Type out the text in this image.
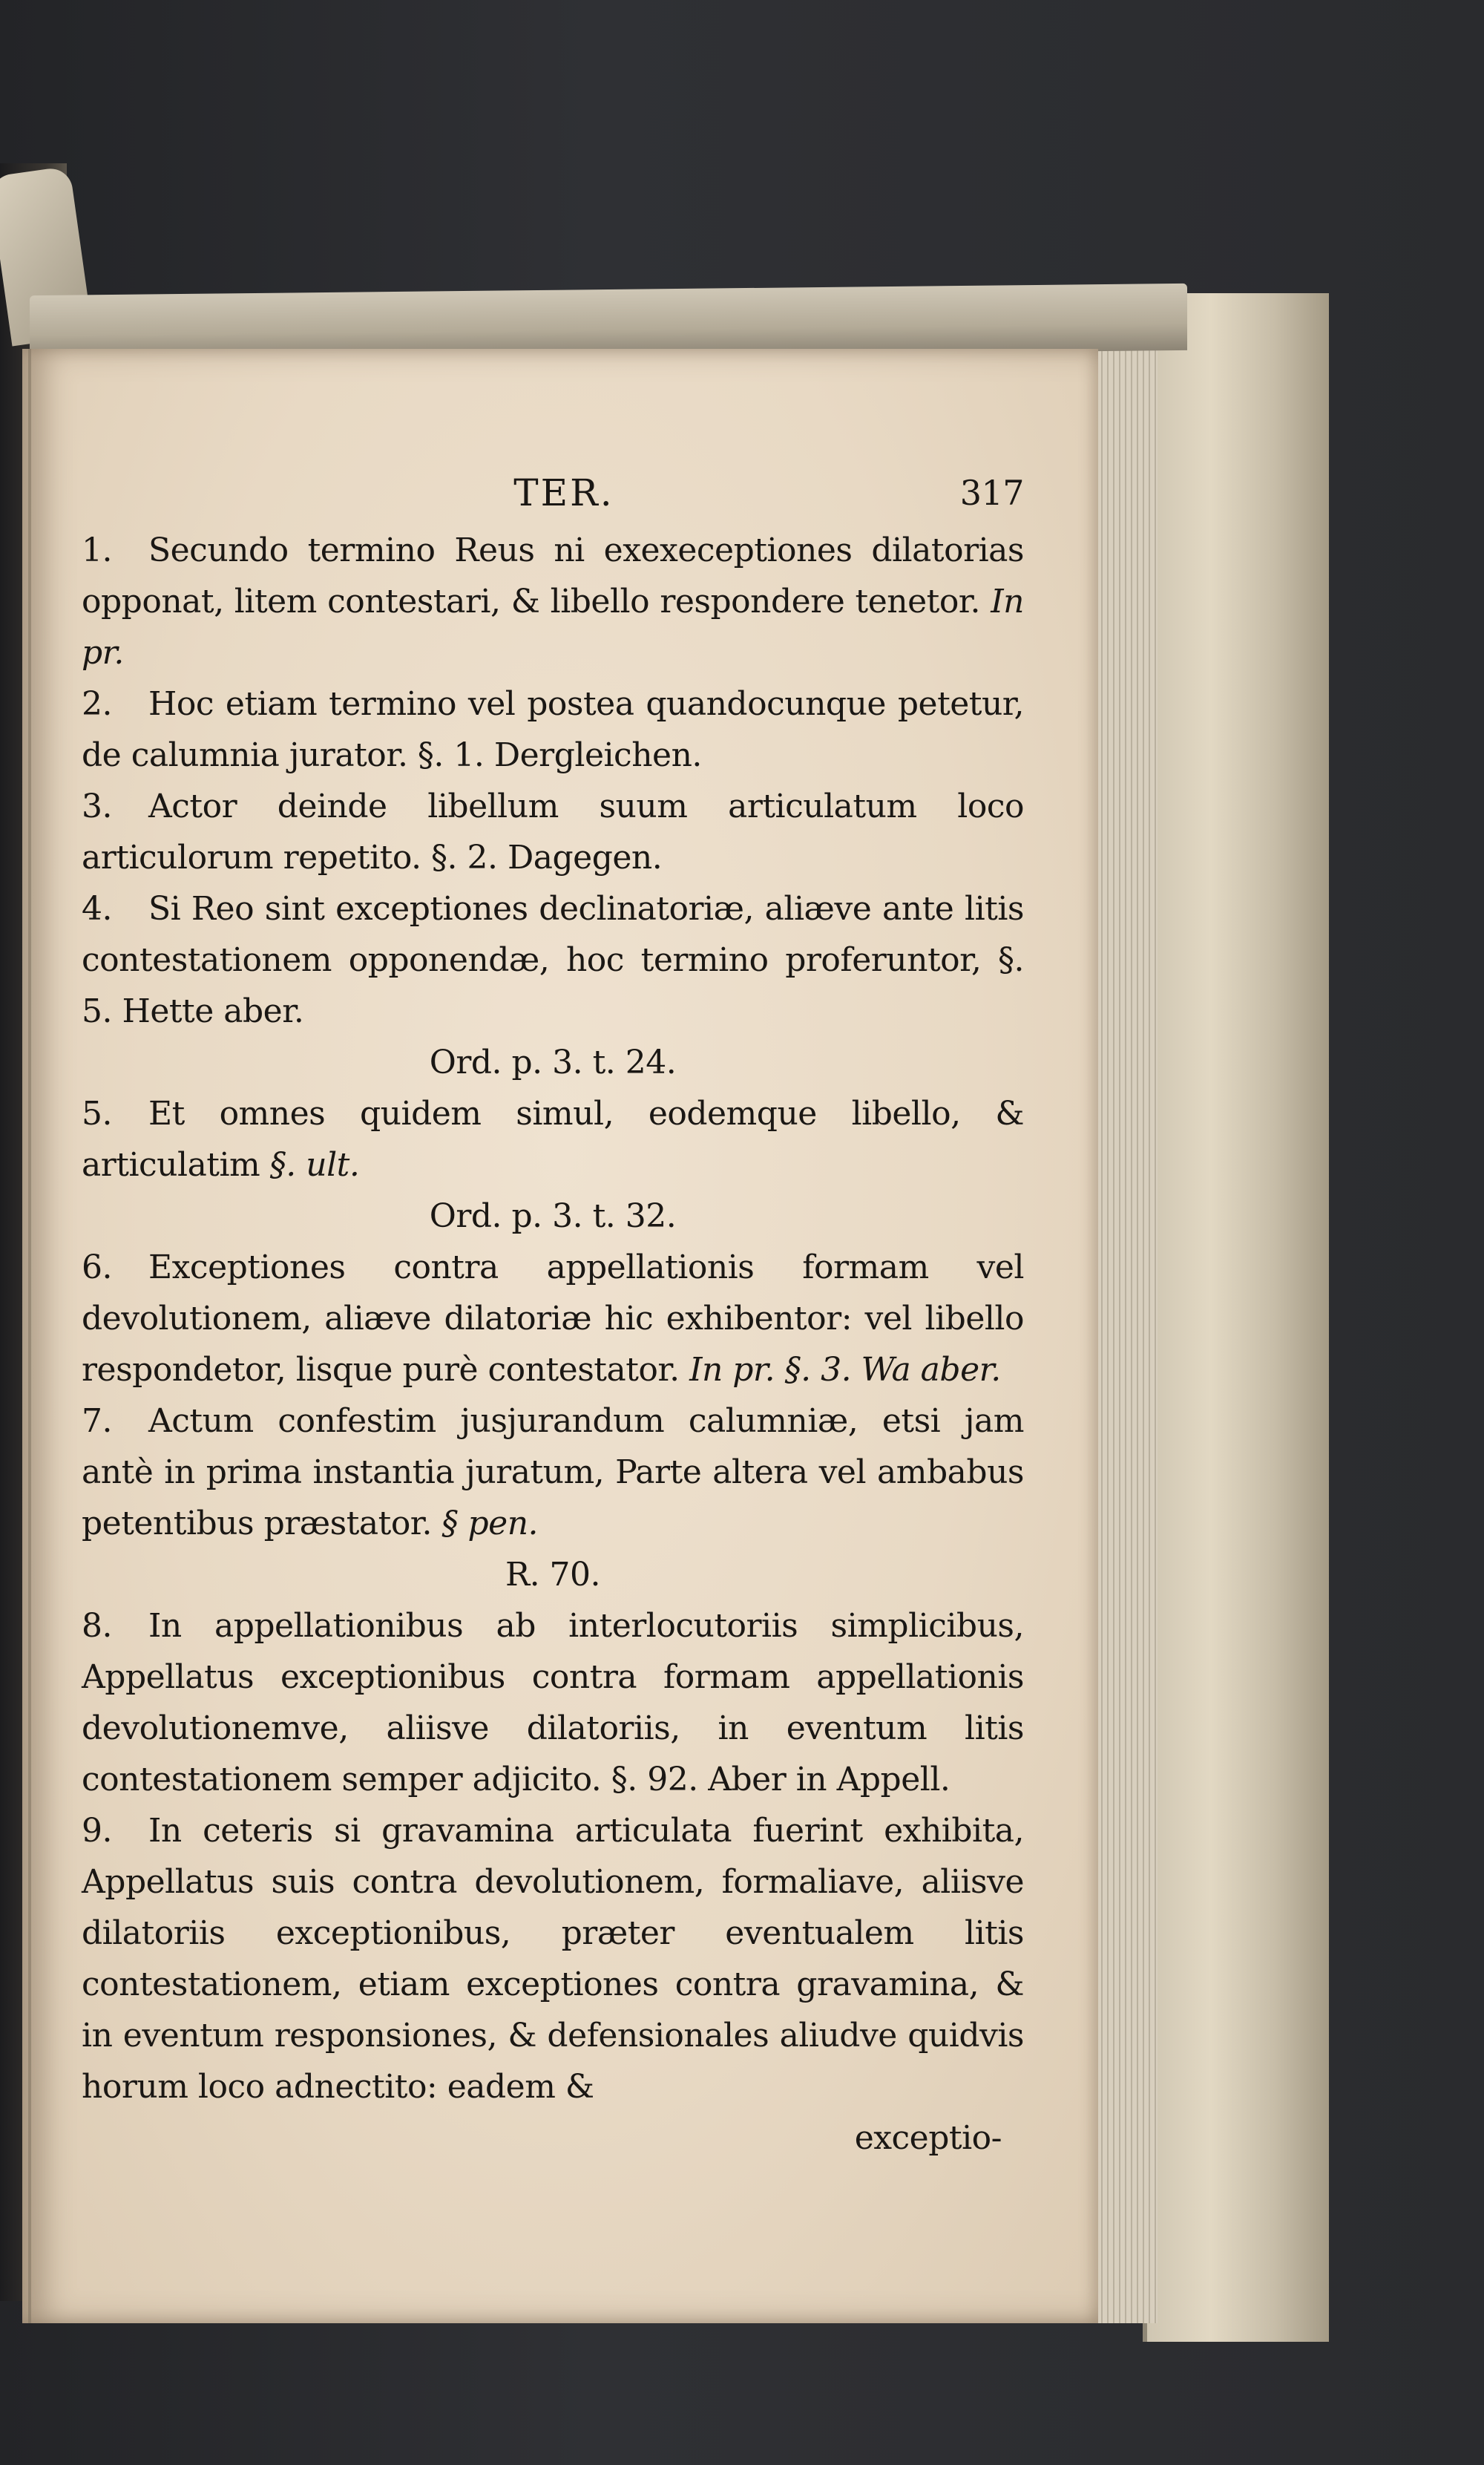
TER.	317

1. Secundo termino Reus ni exexeceptiones dilatorias opponat, litem contestari, & libello respondere tenetor. In pr.

2. Hoc etiam termino vel postea quandocunque petetur, de calumnia jurator. §. 1. Dergleichen.

3. Actor deinde libellum suum articulatum loco articulorum repetito. §. 2. Dagegen.

4. Si Reo sint exceptiones declinatoriæ, aliæve ante litis contestationem opponendæ, hoc termino proferuntor, §. 5. Hette aber.

Ord. p. 3. t. 24.

5. Et omnes quidem simul, eodemque libello, & articulatim §. ult.

Ord. p. 3. t. 32.

6. Exceptiones contra appellationis formam vel devolutionem, aliæve dilatoriæ hic exhibentor: vel libello respondetor, lisque purè contestator. In pr. §. 3. Wa aber.

7. Actum confestim jusjurandum calumniæ, etsi jam antè in prima instantia juratum, Parte altera vel ambabus petentibus præstator. § pen.

R. 70.

8. In appellationibus ab interlocutoriis simplicibus, Appellatus exceptionibus contra formam appellationis devolutionemve, aliisve dilatoriis, in eventum litis contestationem semper adjicito. §. 92. Aber in Appell.

9. In ceteris si gravamina articulata fuerint exhibita, Appellatus suis contra devolutionem, formaliave, aliisve dilatoriis exceptionibus, præter eventualem litis contestationem, etiam exceptiones contra gravamina, & in eventum responsiones, & defensionales aliudve quidvis horum loco adnectito: eadem &

exceptio-
